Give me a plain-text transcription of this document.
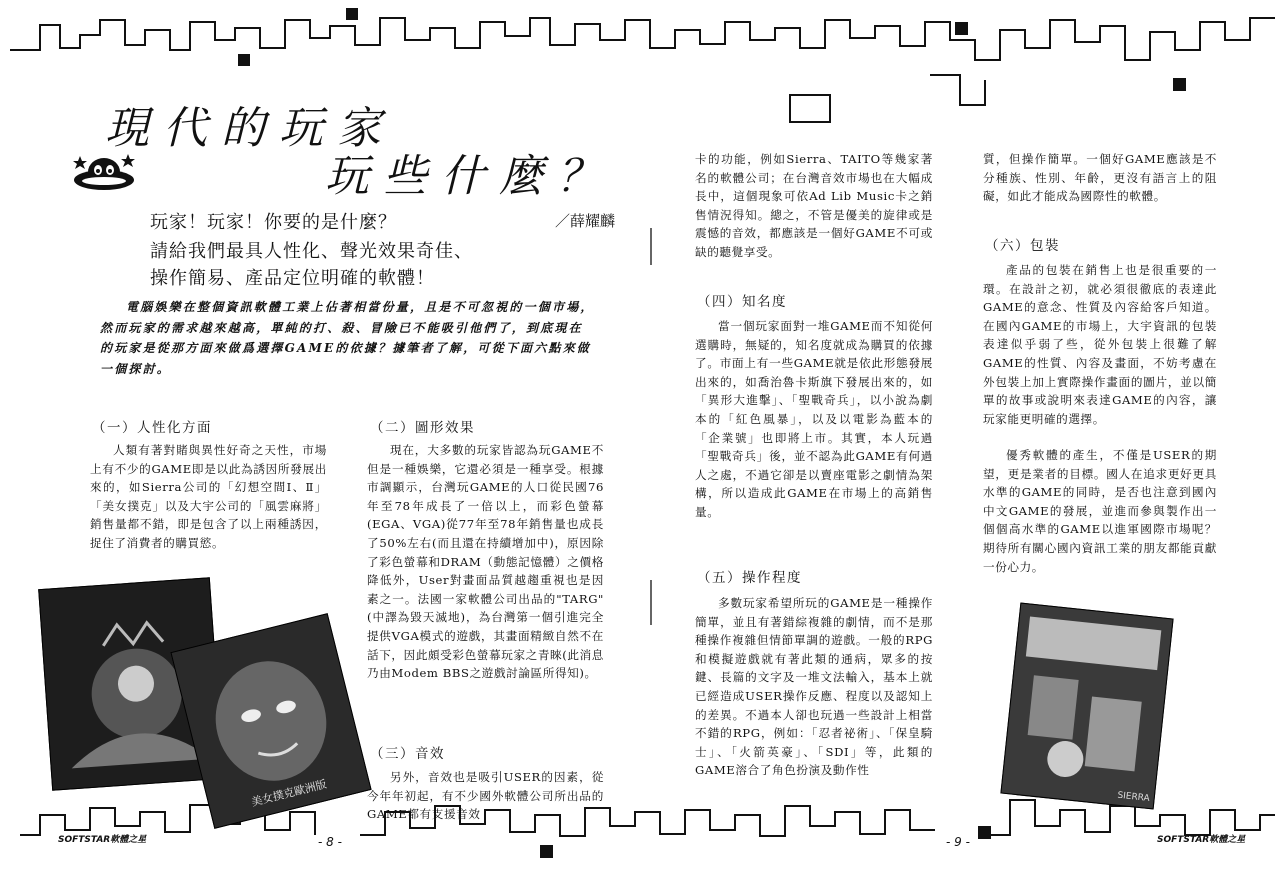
現代的玩家
玩些什麼？
玩家！玩家！你要的是什麼？	／薛耀麟
請給我們最具人性化、聲光效果奇佳、
操作簡易、產品定位明確的軟體！
電腦娛樂在整個資訊軟體工業上佔著相當份量，且是不可忽視的一個市場，然而玩家的需求越來越高，單純的打、殺、冒險已不能吸引他們了，到底現在的玩家是從那方面來做爲選擇GAME的依據？據筆者了解，可從下面六點來做一個探討。
（一）人性化方面

人類有著對賭與異性好奇之天性，市場上有不少的GAME即是以此為誘因所發展出來的，如Sierra公司的「幻想空間Ⅰ、Ⅱ」「美女撲克」以及大宇公司的「風雲麻將」銷售量都不錯，即是包含了以上兩種誘因，捉住了消費者的購買慾。

美女撲克歐洲版
（二）圖形效果

現在，大多數的玩家皆認為玩GAME不但是一種娛樂，它還必須是一種享受。根據市調顯示，台灣玩GAME的人口從民國76年至78年成長了一倍以上，而彩色螢幕(EGA、VGA)從77年至78年銷售量也成長了50%左右(而且還在持續增加中)，原因除了彩色螢幕和DRAM（動態記憶體）之價格降低外，User對畫面品質越趨重視也是因素之一。法國一家軟體公司出品的"TARG"(中譯為毀天滅地)，為台灣第一個引進完全提供VGA模式的遊戲，其畫面精緻自然不在話下，因此頗受彩色螢幕玩家之青睞(此消息乃由Modem BBS之遊戲討論區所得知)。

（三）音效

另外，音效也是吸引USER的因素，從今年年初起，有不少國外軟體公司所出品的GAME都有支援音效

卡的功能，例如Sierra、TAITO等幾家著名的軟體公司；在台灣音效市場也在大幅成長中，這個現象可依Ad Lib Music卡之銷售情況得知。總之，不管是優美的旋律或是震憾的音效，都應該是一個好GAME不可或缺的聽覺享受。

（四）知名度

當一個玩家面對一堆GAME而不知從何選購時，無疑的，知名度就成為購買的依據了。市面上有一些GAME就是依此形態發展出來的，如喬治魯卡斯旗下發展出來的，如「異形大進擊」、「聖戰奇兵」，以小說為劇本的「紅色風暴」，以及以電影為藍本的「企業號」也即將上市。其實，本人玩過「聖戰奇兵」後，並不認為此GAME有何過人之處，不過它卻是以賣座電影之劇情為架構，所以造成此GAME在市場上的高銷售量。

（五）操作程度

多數玩家希望所玩的GAME是一種操作簡單，並且有著錯綜複雜的劇情，而不是那種操作複雜但情節單調的遊戲。一般的RPG 和模擬遊戲就有著此類的通病，眾多的按鍵、長篇的文字及一堆文法輸入，基本上就已經造成USER操作反應、程度以及認知上的差異。不過本人卻也玩過一些設計上相當不錯的RPG，例如：「忍者祕術」、「保皇騎士」、「火箭英豪」、「SDI」等，此類的GAME溶合了角色扮演及動作性

質，但操作簡單。一個好GAME應該是不分種族、性別、年齡，更沒有語言上的阻礙，如此才能成為國際性的軟體。

（六）包裝

產品的包裝在銷售上也是很重要的一環。在設計之初，就必須很徹底的表達此GAME的意念、性質及內容給客戶知道。在國內GAME的市場上，大宇資訊的包裝表達似乎弱了些，從外包裝上很難了解GAME的性質、內容及畫面，不妨考慮在外包裝上加上實際操作畫面的圖片，並以簡單的故事或說明來表達GAME的內容，讓玩家能更明確的選擇。

優秀軟體的產生，不僅是USER的期望，更是業者的目標。國人在追求更好更具水準的GAME的同時，是否也注意到國內中文GAME的發展，並進而參與製作出一個個高水準的GAME以進軍國際市場呢？期待所有關心國內資訊工業的朋友都能貢獻一份心力。

SIERRA
SOFTSTAR軟體之星	- 8 -	- 9 -	SOFTSTAR軟體之星
